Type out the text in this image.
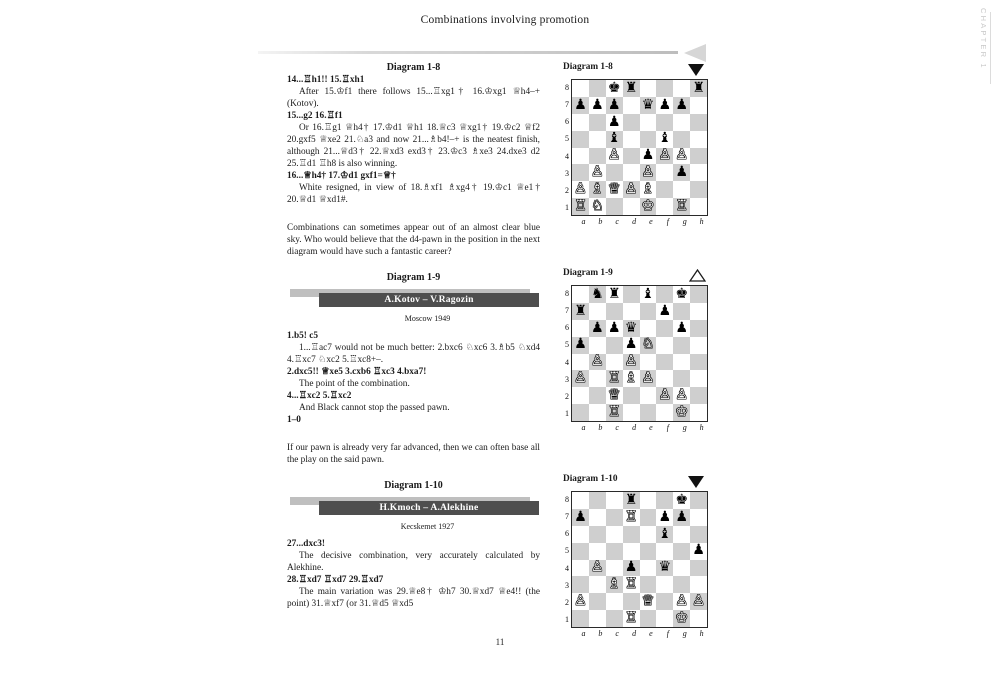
Combinations involving promotion	CHAPTER 1

Diagram 1-8

14...♖h1!! 15.♖xh1

After 15.♔f1 there follows 15...♖xg1† 16.♔xg1 ♕h4–+ (Kotov).

15...g2 16.♖f1

Or 16.♖g1 ♕h4† 17.♔d1 ♕h1 18.♕c3 ♕xg1† 19.♔c2 ♕f2 20.gxf5 ♕xe2 21.♘a3 and now 21...♗b4!–+ is the neatest finish, although 21...♕d3† 22.♕xd3 exd3† 23.♔c3 ♗xe3 24.dxe3 d2 25.♖d1 ♖h8 is also winning.

16...♕h4† 17.♔d1 gxf1=♕†

White resigned, in view of 18.♗xf1 ♗xg4† 19.♔c1 ♕e1† 20.♕d1 ♕xd1#.

Combinations can sometimes appear out of an almost clear blue sky. Who would believe that the d4-pawn in the position in the next diagram would have such a fantastic career?

Diagram 1-9

A.Kotov – V.Ragozin
Moscow 1949

1.b5! c5

1...♖ac7 would not be much better: 2.bxc6 ♘xc6 3.♗b5 ♘xd4 4.♖xc7 ♘xc2 5.♖xc8+–.

2.dxc5!! ♕xe5 3.cxb6 ♖xc3 4.bxa7!

The point of the combination.

4...♖xc2 5.♖xc2

And Black cannot stop the passed pawn.

1–0

If our pawn is already very far advanced, then we can often base all the play on the said pawn.

Diagram 1-10

H.Kmoch – A.Alekhine
Kecskemet 1927

27...dxc3!

The decisive combination, very accurately calculated by Alekhine.

28.♖xd7 ♖xd7 29.♖xd7

The main variation was 29.♕e8† ♔h7 30.♕xd7 ♕e4!! (the point) 31.♕xf7 (or 31.♕d5 ♕xd5

Diagram 1-8
8
7
6
5
4
3
2
1
♚ ♜	♜
♟ ♟ ♟ ♛ ♟ ♟
♟
♝	♝
♙ ♟ ♙ ♙
♙	♙ ♟
♙ ♗ ♕ ♙ ♗
♖ ♘	♔ ♖
a	b	c	d	e	f	g	h
Diagram 1-9
8
7
6
5
4
3
2
1
♞ ♜ ♝ ♚
♜	♟
♟ ♟ ♛	♟
♟	♟ ♘
♙ ♙
♙ ♖ ♗ ♙
♕	♙ ♙
♖	♔
a	b	c	d	e	f	g	h
Diagram 1-10
8
7
6
5
4
3
2
1
♜	♚
♟	♖ ♟ ♟
♝
♟
♙ ♟ ♛
♗ ♖
♙	♕ ♙ ♙
♖	♔
a	b	c	d	e	f	g	h
11
